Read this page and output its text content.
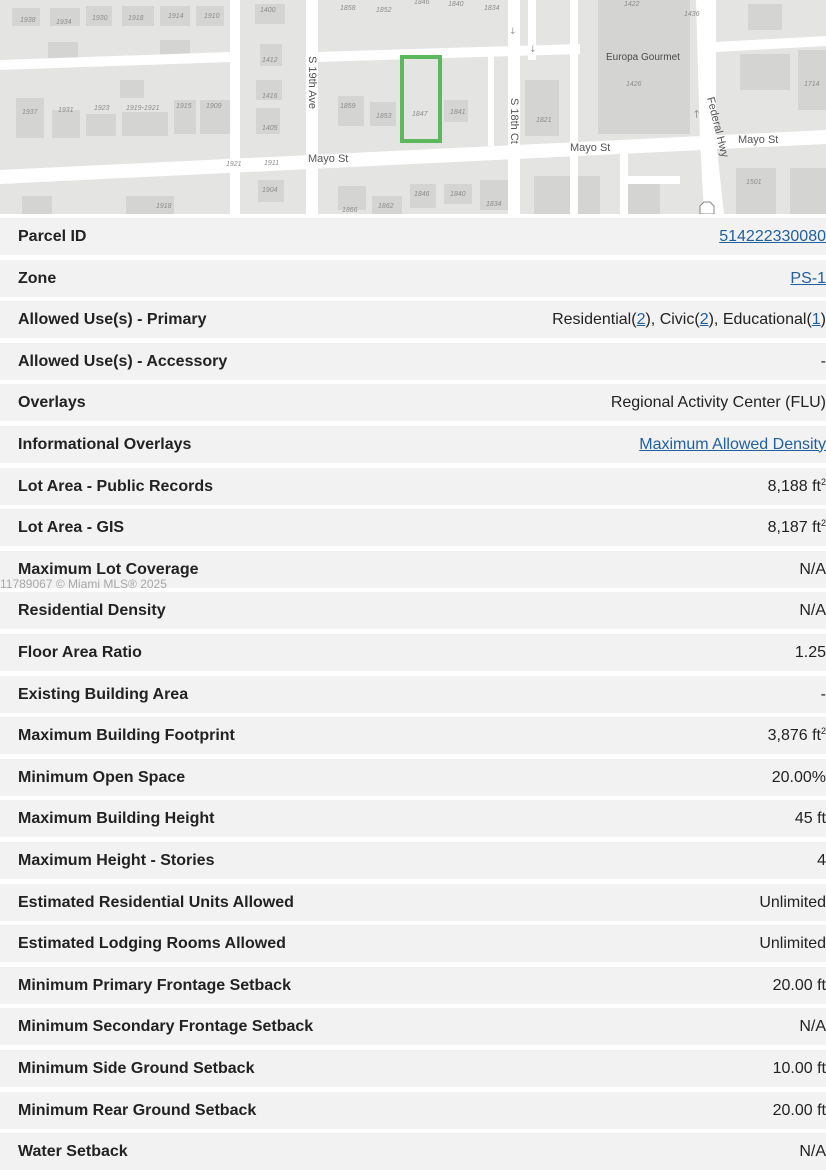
S 19th Ave
S 18th Ct
Mayo St
Mayo St
Mayo St
Federal Hwy
Europa Gourmet
1938	1934
1930	1918	1914	1910
1400	1858	1852
1846	1840
1834
1422
1436
1412
1416
1405
1859
1853	1847	1841
1821
1426	1714
1937	1931	1923 1919-1921 1915 1909
1921	1911
1904
1866
1862
1846	1840
1834
1918
1501
↓
↓
↑
Parcel ID	514222330080
Zone	PS-1
Allowed Use(s) - Primary	Residential(2), Civic(2), Educational(1)
Allowed Use(s) - Accessory	-
Overlays	Regional Activity Center (FLU)
Informational Overlays	Maximum Allowed Density
Lot Area - Public Records	8,188 $ft^2$
Lot Area - GIS	8,187 $ft^2$
Maximum Lot Coverage	N/A
Residential Density	N/A
Floor Area Ratio	1.25
Existing Building Area	-
Maximum Building Footprint	3,876 $ft^2$
Minimum Open Space	20.00%
Maximum Building Height	45 ft
Maximum Height - Stories	4
Estimated Residential Units Allowed	Unlimited
Estimated Lodging Rooms Allowed	Unlimited
Minimum Primary Frontage Setback	20.00 ft
Minimum Secondary Frontage Setback	N/A
Minimum Side Ground Setback	10.00 ft
Minimum Rear Ground Setback	20.00 ft
Water Setback	N/A
11789067 © Miami MLS® 2025
